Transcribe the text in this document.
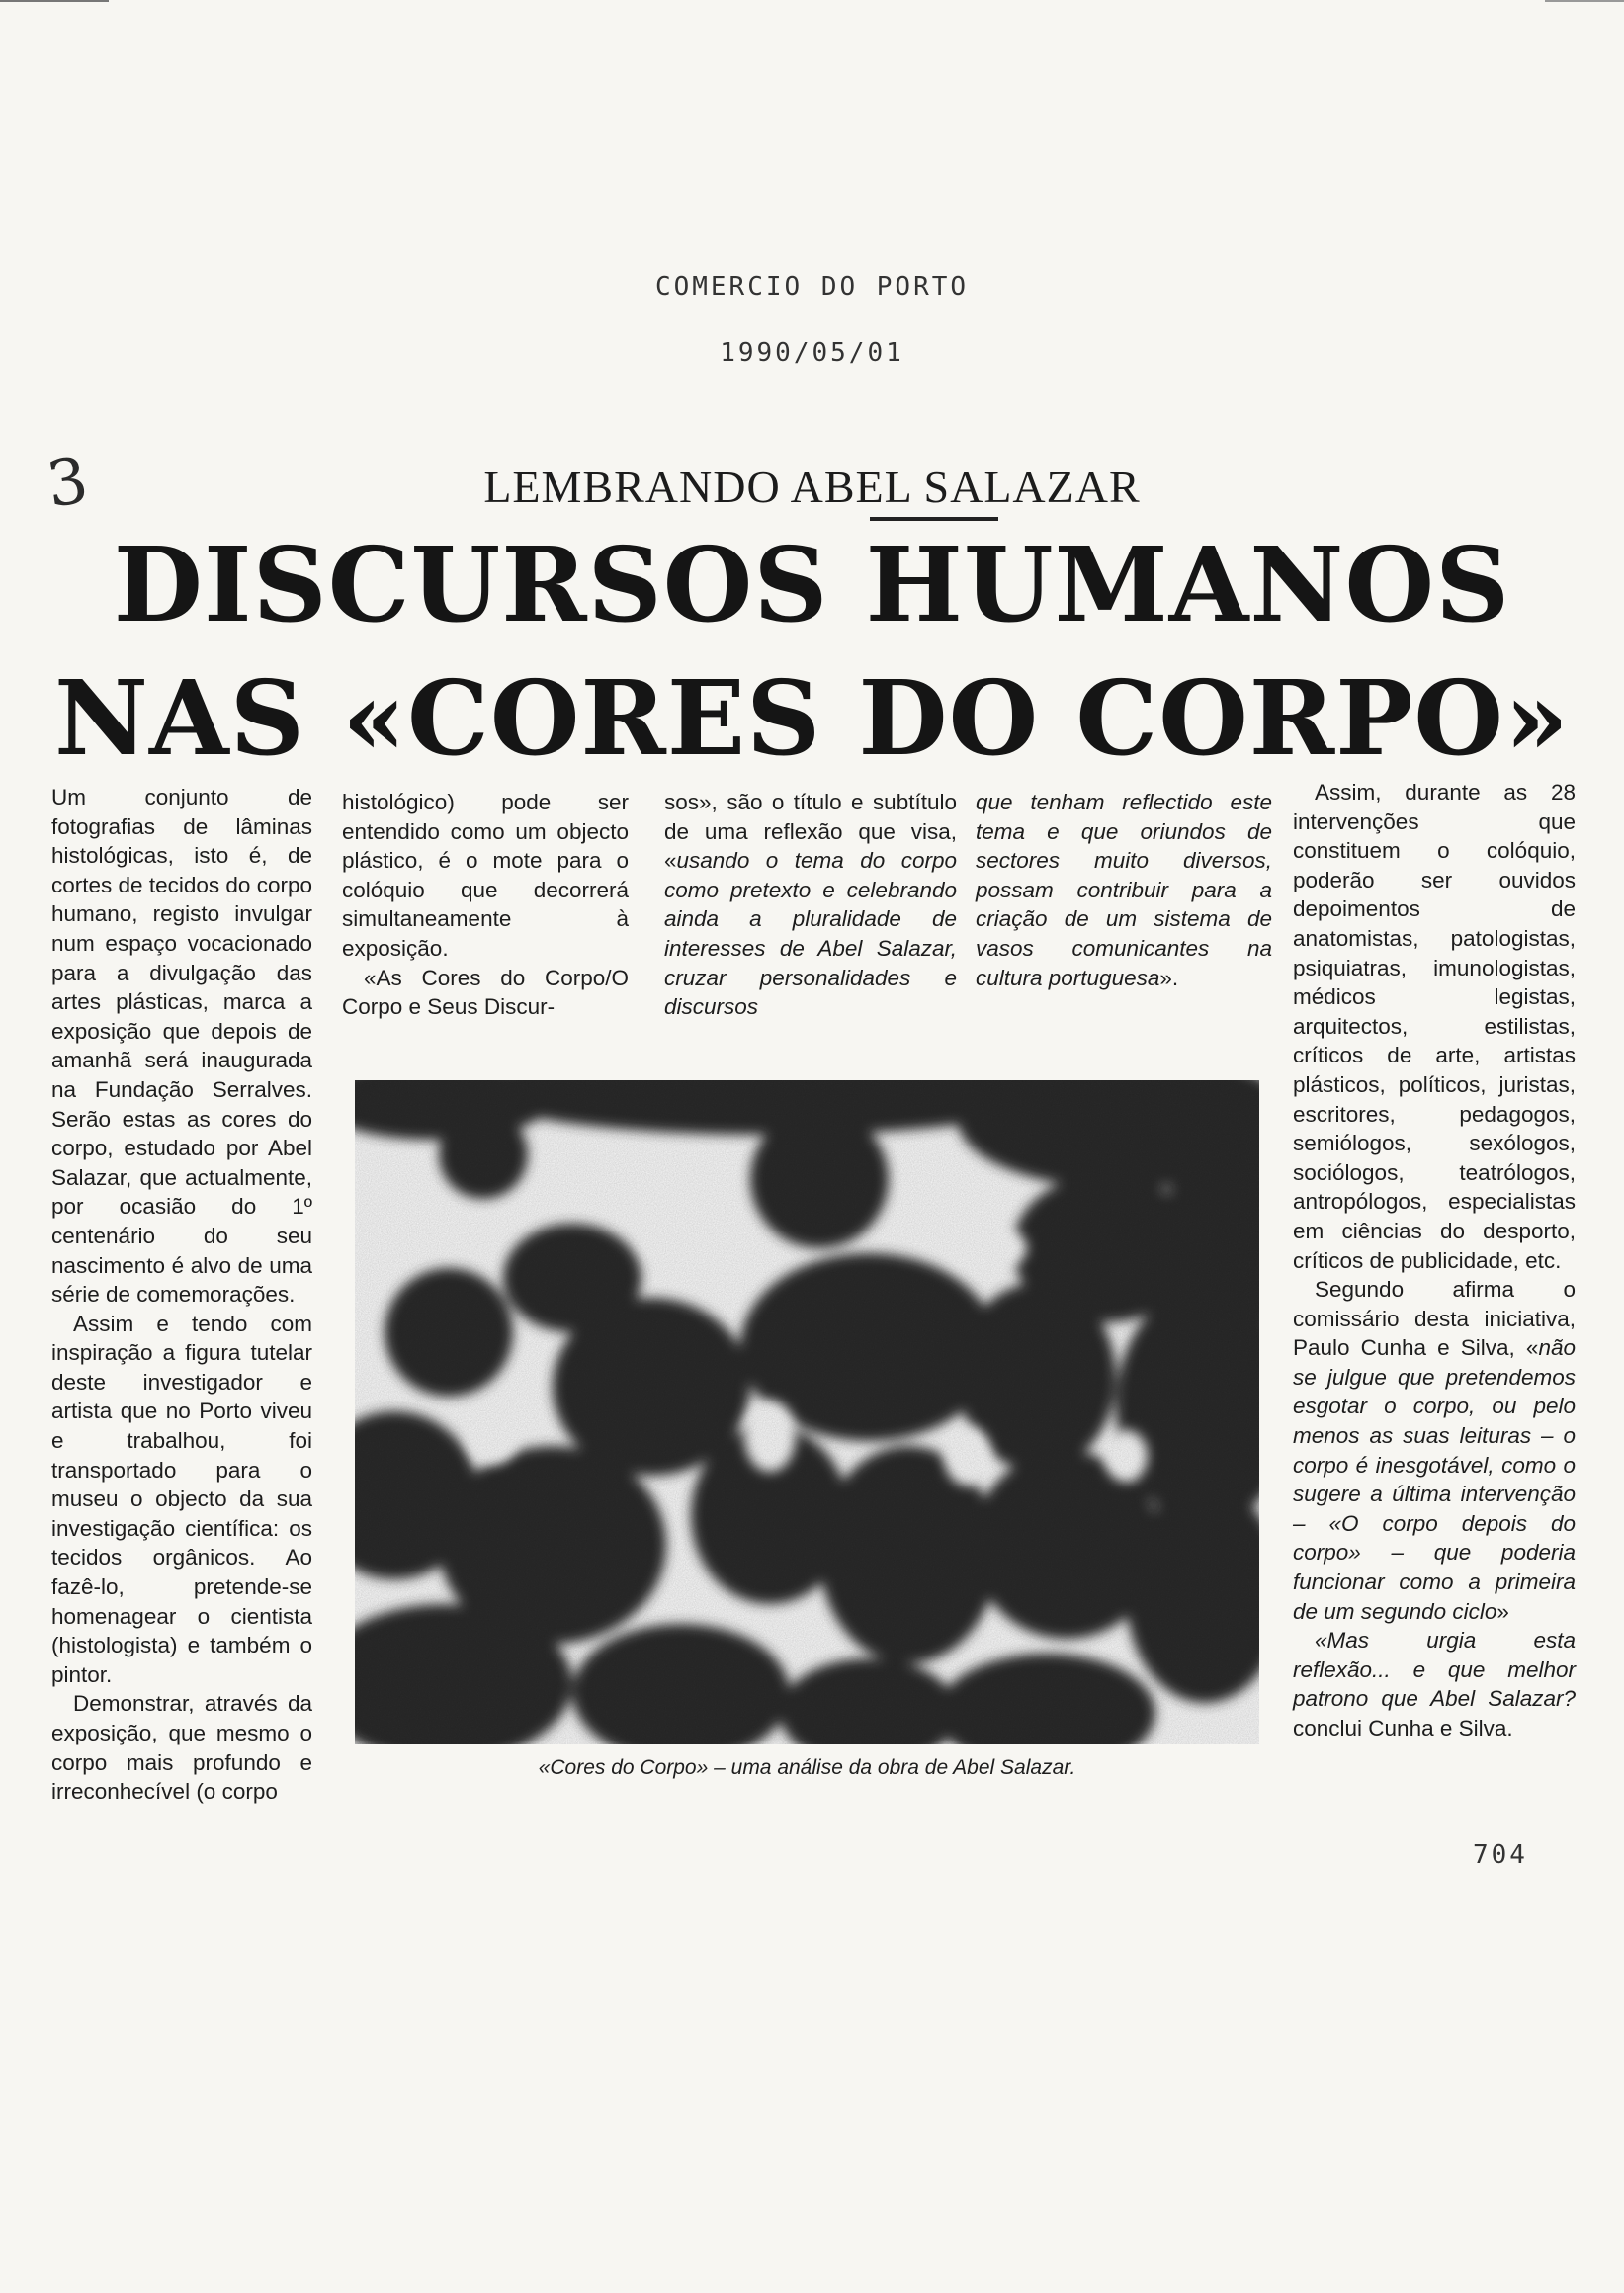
COMERCIO DO PORTO
1990/05/01
3	LEMBRANDO ABEL SALAZAR
DISCURSOS HUMANOS
NAS «CORES DO CORPO»

Um conjunto de fotografias de lâminas histológicas, isto é, de cortes de tecidos do corpo humano, registo invulgar num espaço vocacionado para a divulgação das artes plásticas, marca a exposição que depois de amanhã será inaugurada na Fundação Serralves. Serão estas as cores do corpo, estudado por Abel Salazar, que actualmente, por ocasião do 1º centenário do seu nascimento é alvo de uma série de comemorações.

Assim e tendo com inspiração a figura tutelar deste investigador e artista que no Porto viveu e trabalhou, foi transportado para o museu o objecto da sua investigação científica: os tecidos orgânicos. Ao fazê-lo, pretende-se homenagear o cientista (histologista) e também o pintor.

Demonstrar, através da exposição, que mesmo o corpo mais profundo e irreconhecível (o corpo

histológico) pode ser entendido como um objecto plástico, é o mote para o colóquio que decorrerá simultaneamente à exposição.

«As Cores do Corpo/O Corpo e Seus Discur-

sos», são o título e subtítulo de uma reflexão que visa, «usando o tema do corpo como pretexto e celebrando ainda a pluralidade de interesses de Abel Salazar, cruzar personalidades e discursos

que tenham reflectido este tema e que oriundos de sectores muito diversos, possam contribuir para a criação de um sistema de vasos comunicantes na cultura portuguesa».

Assim, durante as 28 intervenções que constituem o colóquio, poderão ser ouvidos depoimentos de anatomistas, patologistas, psiquiatras, imunologistas, médicos legistas, arquitectos, estilistas, críticos de arte, artistas plásticos, políticos, juristas, escritores, pedagogos, semiólogos, sexólogos, sociólogos, teatrólogos, antropólogos, especialistas em ciências do desporto, críticos de publicidade, etc.

Segundo afirma o comissário desta iniciativa, Paulo Cunha e Silva, «não se julgue que pretendemos esgotar o corpo, ou pelo menos as suas leituras – o corpo é inesgotável, como o sugere a última intervenção – «O corpo depois do corpo» – que poderia funcionar como a primeira de um segundo ciclo»

«Mas urgia esta reflexão... e que melhor patrono que Abel Salazar? conclui Cunha e Silva.

«Cores do Corpo» – uma análise da obra de Abel Salazar.
704
